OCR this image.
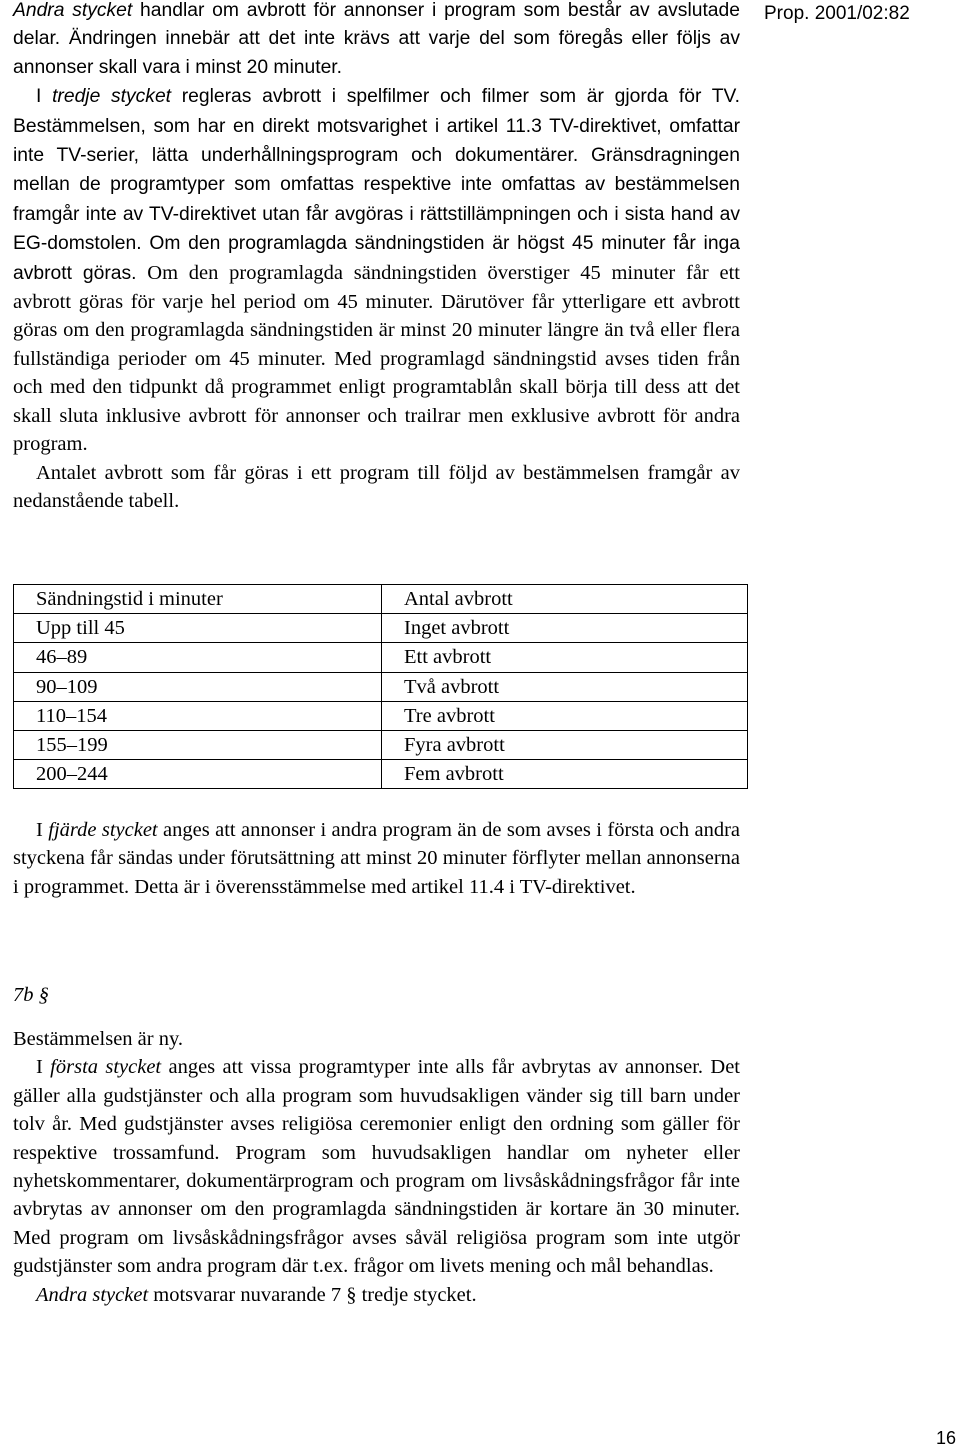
Prop. 2001/02:82

Andra stycket handlar om avbrott för annonser i program som består av avslutade delar. Ändringen innebär att det inte krävs att varje del som föregås eller följs av annonser skall vara i minst 20 minuter.

I tredje stycket regleras avbrott i spelfilmer och filmer som är gjorda för TV. Bestämmelsen, som har en direkt motsvarighet i artikel 11.3 TV-direktivet, omfattar inte TV-serier, lätta underhållningsprogram och dokumentärer. Gränsdragningen mellan de programtyper som omfattas respektive inte omfattas av bestämmelsen framgår inte av TV-direktivet utan får avgöras i rättstillämpningen och i sista hand av EG-domstolen. Om den programlagda sändningstiden är högst 45 minuter får inga avbrott göras. Om den programlagda sändningstiden överstiger 45 minuter får ett avbrott göras för varje hel period om 45 minuter. Därutöver får ytterligare ett avbrott göras om den programlagda sändningstiden är minst 20 minuter längre än två eller flera fullständiga perioder om 45 minuter. Med programlagd sändningstid avses tiden från och med den tidpunkt då programmet enligt programtablån skall börja till dess att det skall sluta inklusive avbrott för annonser och trailrar men exklusive avbrott för andra program.

Antalet avbrott som får göras i ett program till följd av bestämmelsen framgår av nedanstående tabell.

Sändningstid i minuter	Antal avbrott
Upp till 45	Inget avbrott
46–89	Ett avbrott
90–109	Två avbrott
110–154	Tre avbrott
155–199	Fyra avbrott
200–244	Fem avbrott

I fjärde stycket anges att annonser i andra program än de som avses i första och andra styckena får sändas under förutsättning att minst 20 minuter förflyter mellan annonserna i programmet. Detta är i överensstämmelse med artikel 11.4 i TV-direktivet.

7b §

Bestämmelsen är ny.

I första stycket anges att vissa programtyper inte alls får avbrytas av annonser. Det gäller alla gudstjänster och alla program som huvudsakligen vänder sig till barn under tolv år. Med gudstjänster avses religiösa ceremonier enligt den ordning som gäller för respektive trossamfund. Program som huvudsakligen handlar om nyheter eller nyhetskommentarer, dokumentärprogram och program om livsåskådningsfrågor får inte avbrytas av annonser om den programlagda sändningstiden är kortare än 30 minuter. Med program om livsåskådningsfrågor avses såväl religiösa program som inte utgör gudstjänster som andra program där t.ex. frågor om livets mening och mål behandlas.

Andra stycket motsvarar nuvarande 7 § tredje stycket.

16
